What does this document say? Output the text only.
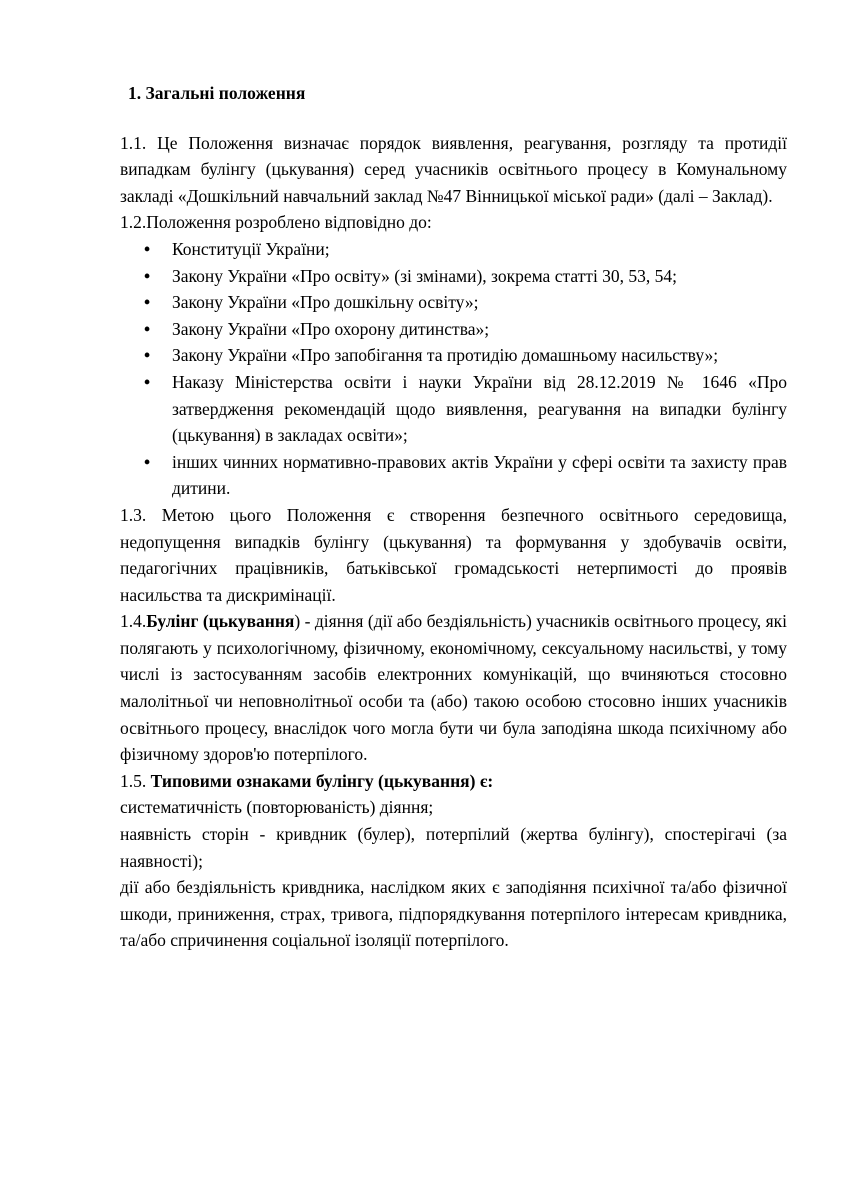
1. Загальні положення

1.1. Це Положення визначає порядок виявлення, реагування, розгляду та протидії випадкам булінгу (цькування) серед учасників освітнього процесу в Комунальному закладі «Дошкільний навчальний заклад №47 Вінницької міської ради» (далі – Заклад).

1.2.Положення розроблено відповідно до:

• Конституції України;
• Закону України «Про освіту» (зі змінами), зокрема статті 30, 53, 54;
• Закону України «Про дошкільну освіту»;
• Закону України «Про охорону дитинства»;
• Закону України «Про запобігання та протидію домашньому насильству»;
• Наказу Міністерства освіти і науки України від 28.12.2019 № 1646 «Про затвердження рекомендацій щодо виявлення, реагування на випадки булінгу (цькування) в закладах освіти»;
• інших чинних нормативно-правових актів України у сфері освіти та захисту прав дитини.

1.3. Метою цього Положення є створення безпечного освітнього середовища, недопущення випадків булінгу (цькування) та формування у здобувачів освіти, педагогічних працівників, батьківської громадськості нетерпимості до проявів насильства та дискримінації.

1.4.Булінг (цькування) - діяння (дії або бездіяльність) учасників освітнього процесу, які полягають у психологічному, фізичному, економічному, сексуальному насильстві, у тому числі із застосуванням засобів електронних комунікацій, що вчиняються стосовно малолітньої чи неповнолітньої особи та (або) такою особою стосовно інших учасників освітнього процесу, внаслідок чого могла бути чи була заподіяна шкода психічному або фізичному здоров'ю потерпілого.

1.5. Типовими ознаками булінгу (цькування) є:

систематичність (повторюваність) діяння;

наявність сторін - кривдник (булер), потерпілий (жертва булінгу), спостерігачі (за наявності);

дії або бездіяльність кривдника, наслідком яких є заподіяння психічної та/або фізичної шкоди, приниження, страх, тривога, підпорядкування потерпілого інтересам кривдника, та/або спричинення соціальної ізоляції потерпілого.
